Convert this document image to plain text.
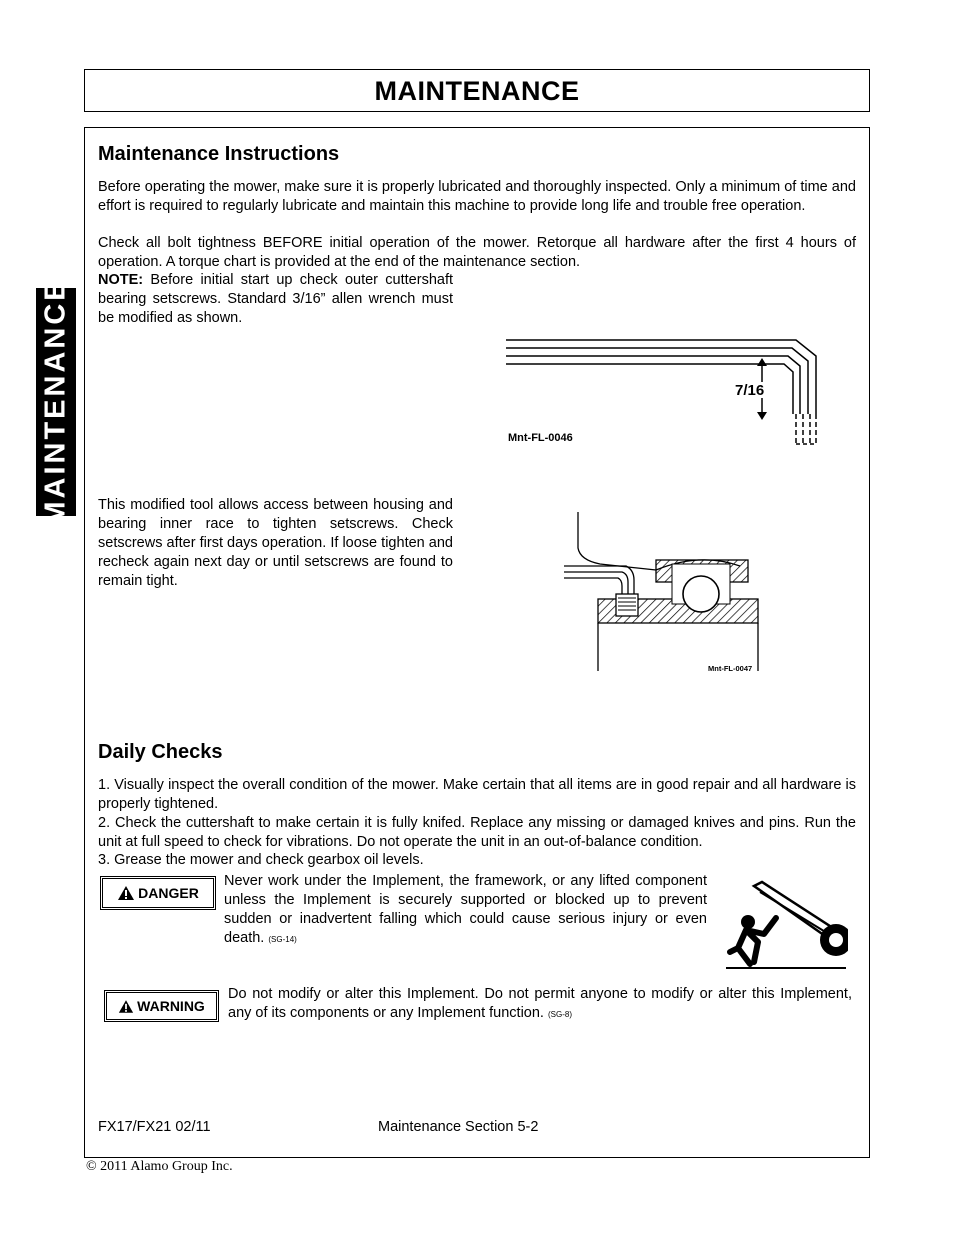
MAINTENANCE
MAINTENANCE
Maintenance Instructions
Before operating the mower, make sure it is properly lubricated and thoroughly inspected. Only a minimum of time and effort is required to regularly lubricate and maintain this machine to provide long life and trouble free operation.
Check all bolt tightness BEFORE initial operation of the mower. Retorque all hardware after the first 4 hours of operation. A torque chart is provided at the end of the maintenance section.
NOTE: Before initial start up check outer cuttershaft bearing setscrews. Standard 3/16” allen wrench must be modified as shown.
7/16
Mnt-FL-0046
This modified tool allows access between housing and bearing inner race to tighten setscrews. Check setscrews after first days operation. If loose tighten and recheck again next day or until setscrews are found to remain tight.
Mnt-FL-0047
Daily Checks
1. Visually inspect the overall condition of the mower. Make certain that all items are in good repair and all hardware is properly tightened.
2. Check the cuttershaft to make certain it is fully knifed. Replace any missing or damaged knives and pins. Run the unit at full speed to check for vibrations. Do not operate the unit in an out-of-balance condition.
3. Grease the mower and check gearbox oil levels.
DANGER
Never work under the Implement, the framework, or any lifted component unless the Implement is securely supported or blocked up to prevent sudden or inadvertent falling which could cause serious injury or even death. (SG-14)
WARNING
Do not modify or alter this Implement. Do not permit anyone to modify or alter this Implement, any of its components or any Implement function. (SG-8)
FX17/FX21 02/11	Maintenance Section 5-2
© 2011 Alamo Group Inc.
